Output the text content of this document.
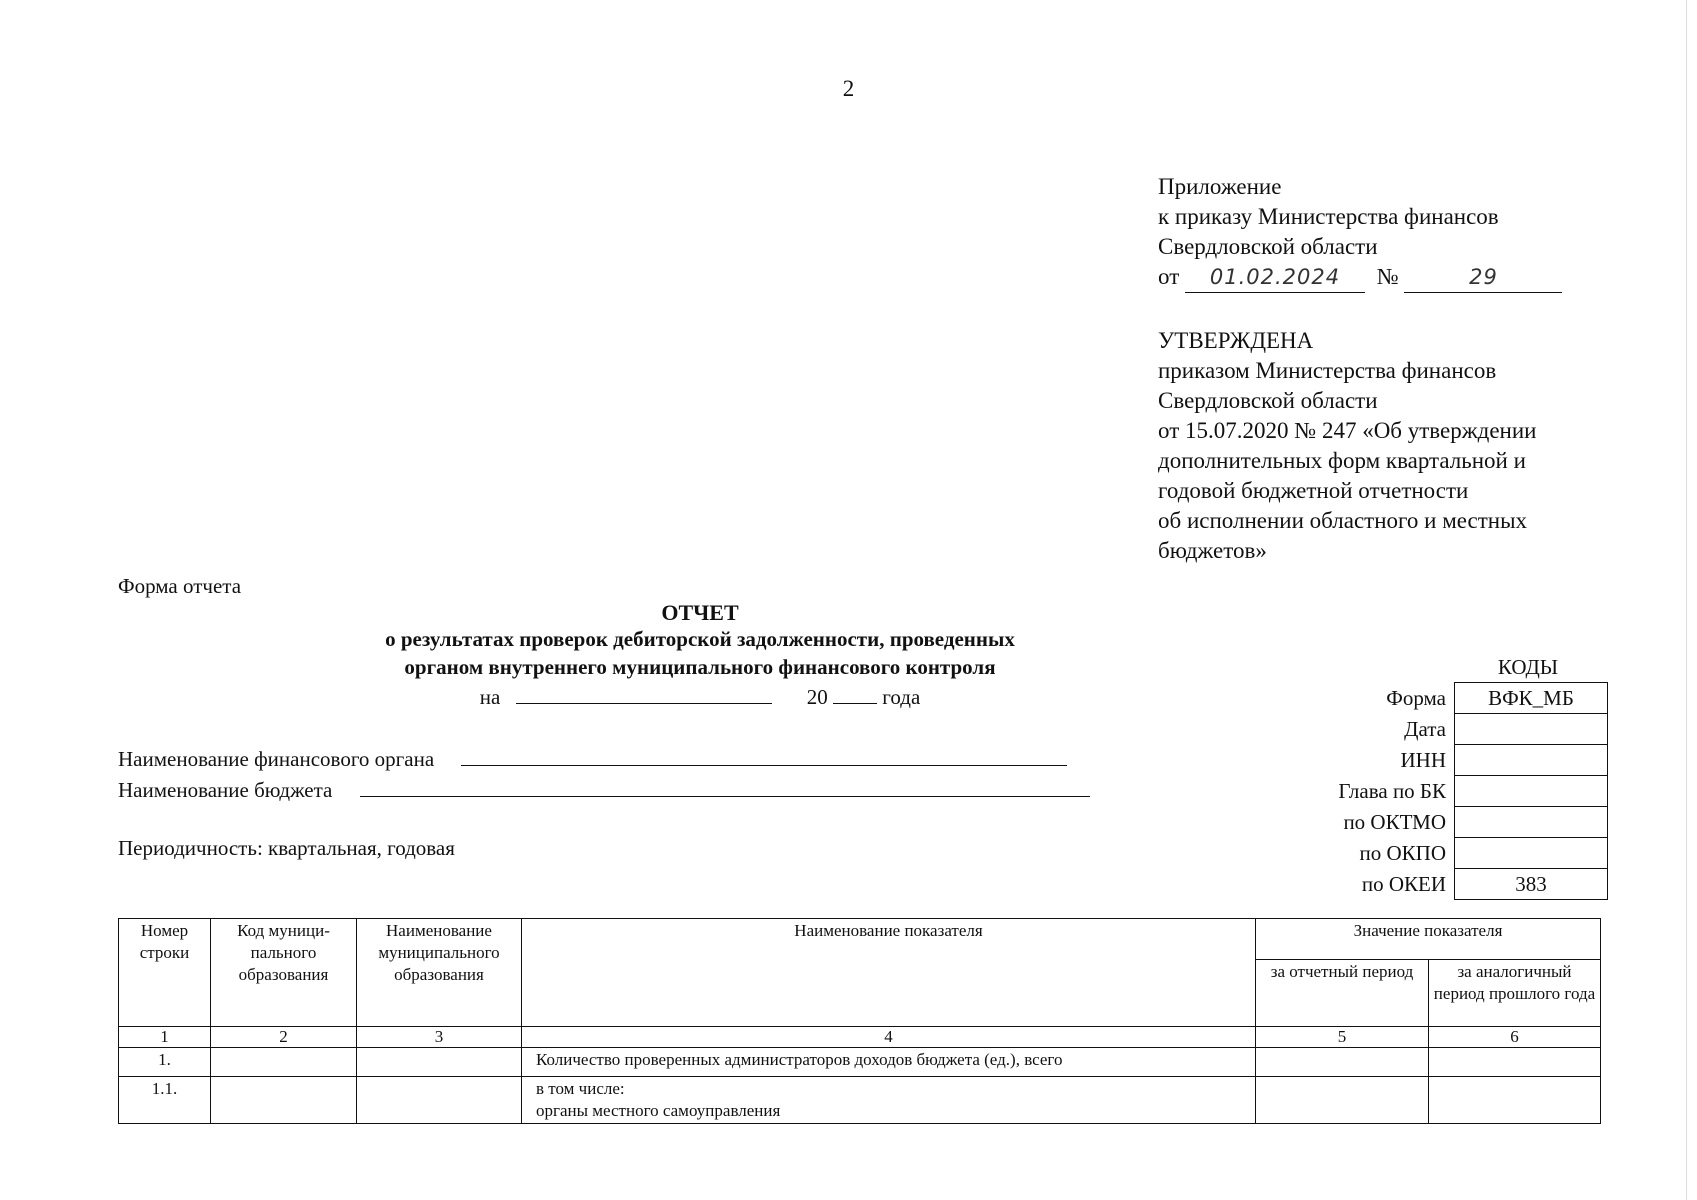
2
Приложение
к приказу Министерства финансов
Свердловской области
от 01.02.2024 №	29
УТВЕРЖДЕНА
приказом Министерства финансов
Свердловской области
от 15.07.2020 № 247 «Об утверждении
дополнительных форм квартальной и
годовой бюджетной отчетности
об исполнении областного и местных
бюджетов»
Форма отчета
ОТЧЕТ
о результатах проверок дебиторской задолженности, проведенных
органом внутреннего муниципального финансового контроля
на	20	года
КОДЫ
Форма	ВФК_МБ
Дата	
ИНН	
Глава по БК	
по ОКТМО	
по ОКПО	
по ОКЕИ	383
Наименование финансового органа
Наименование бюджета
Периодичность: квартальная, годовая
Номер строки	Код муници-пального образования	Наименование муниципального образования	Наименование показателя	Значение показателя	
				за отчетный период	за аналогичный период прошлого года
1	2	3	4	5	6
1.			Количество проверенных администраторов доходов бюджета (ед.), всего		
1.1.			в том числе:
органы местного самоуправления		
